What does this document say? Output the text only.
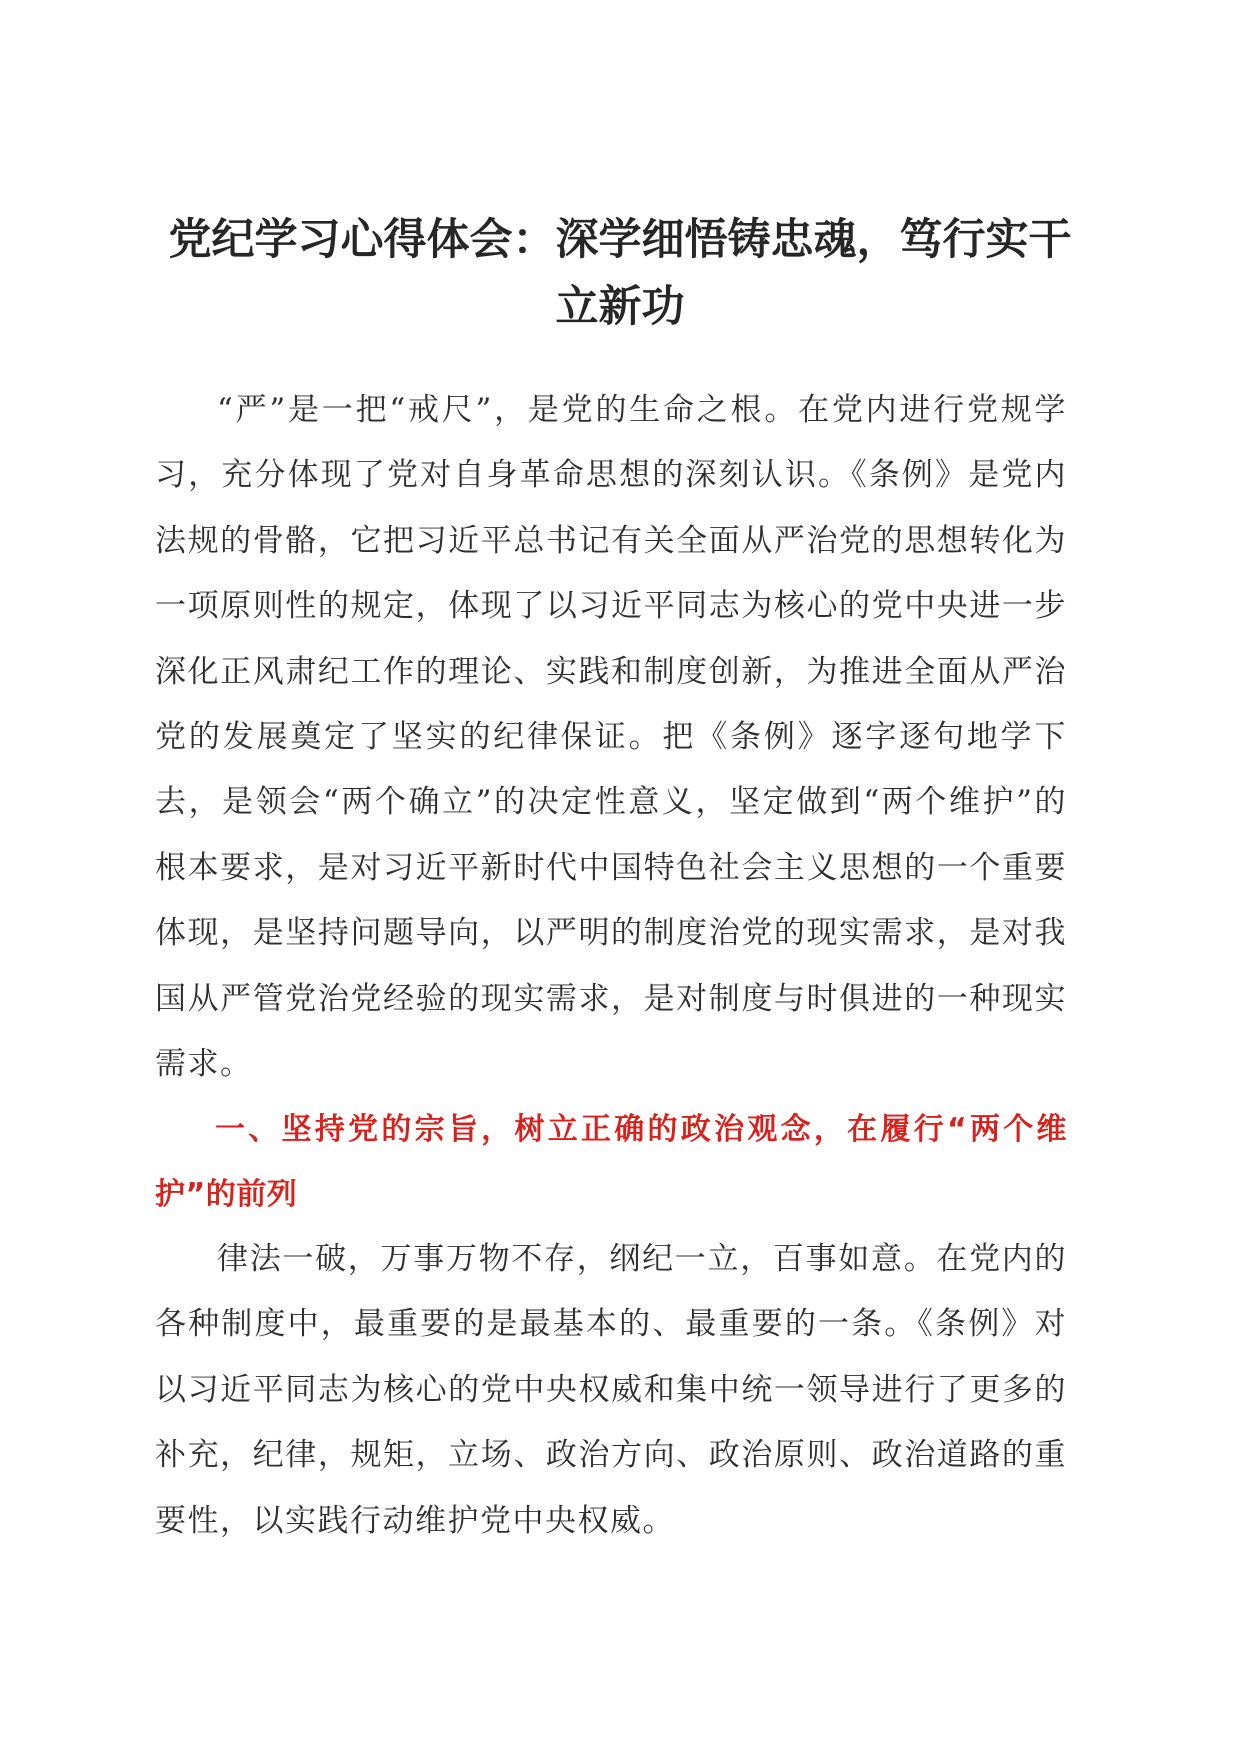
党纪学习心得体会：深学细悟铸忠魂，笃行实干立新功

“严”是一把“戒尺”，是党的生命之根。在党内进行党规学习，充分体现了党对自身革命思想的深刻认识。《条例》是党内法规的骨骼，它把习近平总书记有关全面从严治党的思想转化为一项原则性的规定，体现了以习近平同志为核心的党中央进一步深化正风肃纪工作的理论、实践和制度创新，为推进全面从严治党的发展奠定了坚实的纪律保证。把《条例》逐字逐句地学下去，是领会“两个确立”的决定性意义，坚定做到“两个维护”的根本要求，是对习近平新时代中国特色社会主义思想的一个重要体现，是坚持问题导向，以严明的制度治党的现实需求，是对我国从严管党治党经验的现实需求，是对制度与时俱进的一种现实需求。

一、坚持党的宗旨，树立正确的政治观念，在履行“两个维护”的前列

律法一破，万事万物不存，纲纪一立，百事如意。在党内的各种制度中，最重要的是最基本的、最重要的一条。《条例》对以习近平同志为核心的党中央权威和集中统一领导进行了更多的补充，纪律，规矩，立场、政治方向、政治原则、政治道路的重要性，以实践行动维护党中央权威。
